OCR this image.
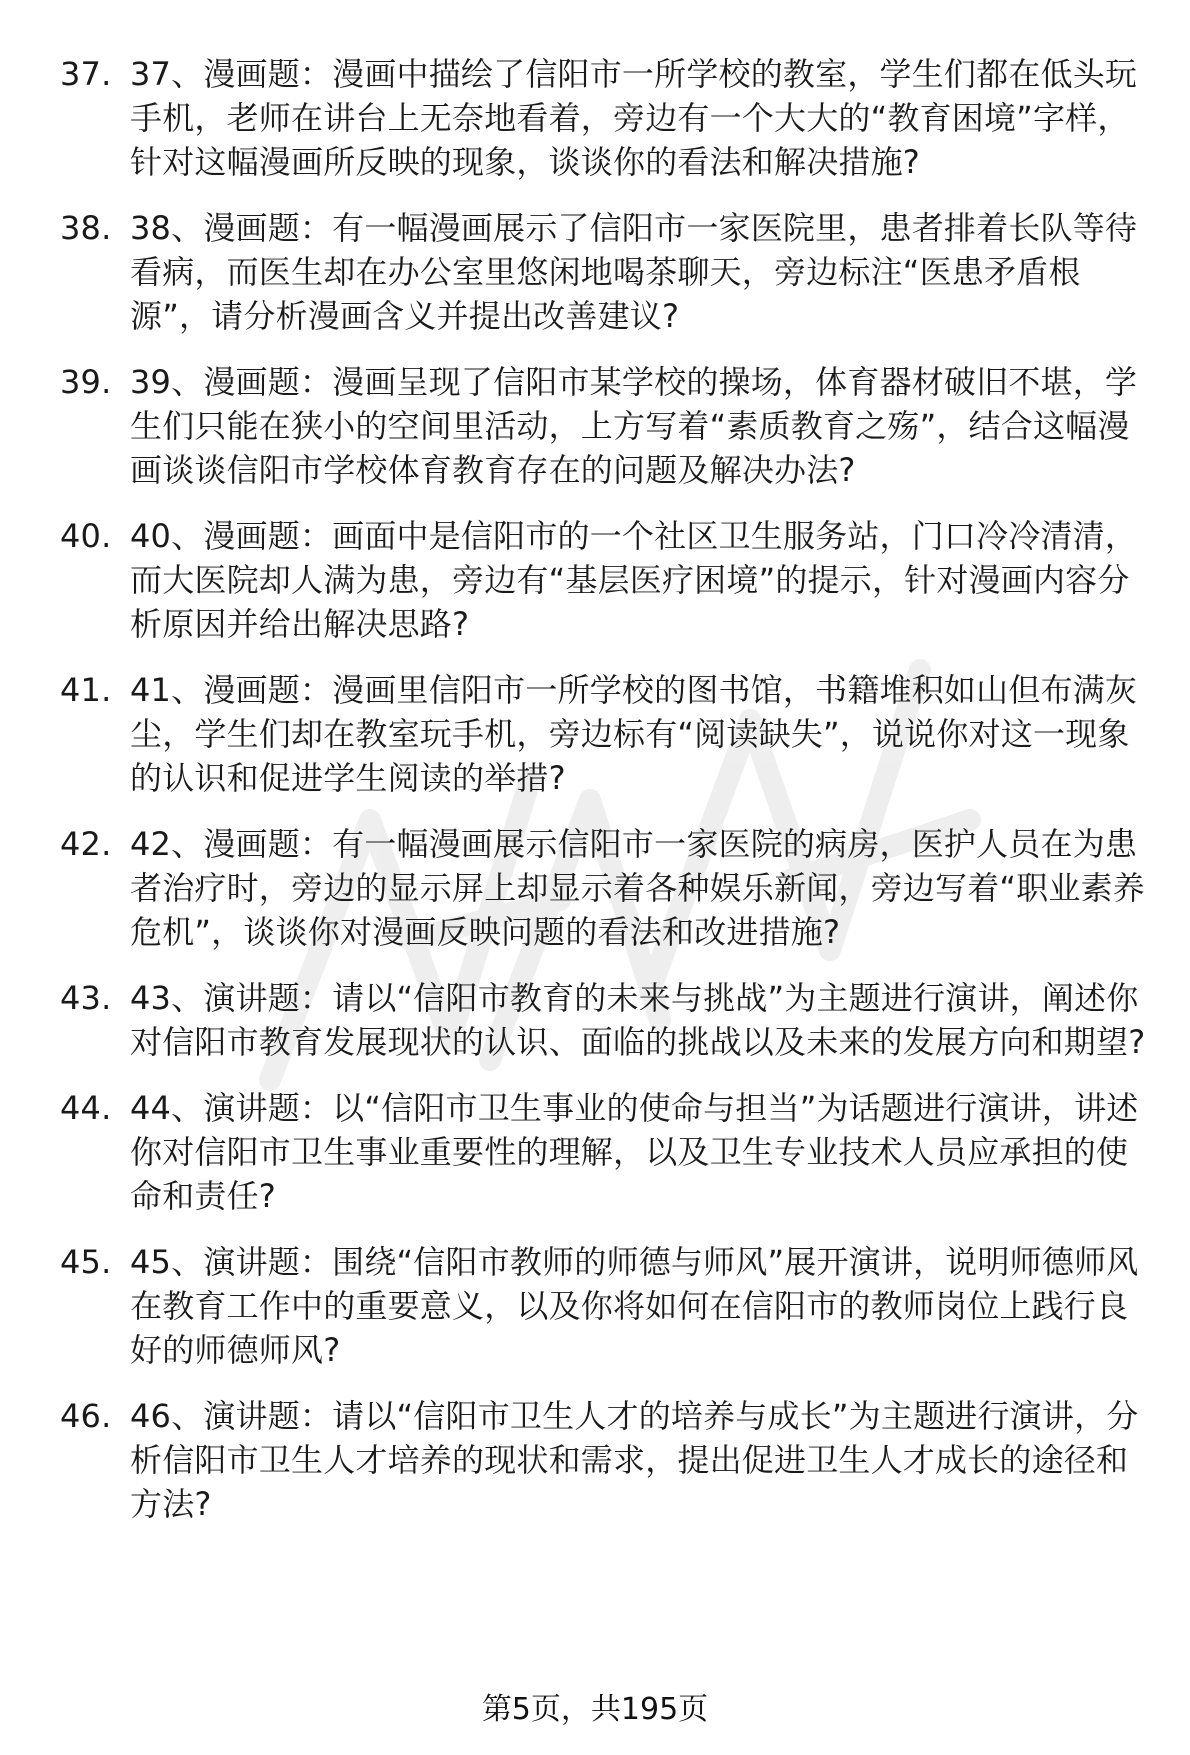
37. 37、漫画题：漫画中描绘了信阳市一所学校的教室，学生们都在低头玩手机，老师在讲台上无奈地看着，旁边有一个大大的“教育困境”字样，针对这幅漫画所反映的现象，谈谈你的看法和解决措施?
38. 38、漫画题：有一幅漫画展示了信阳市一家医院里，患者排着长队等待看病，而医生却在办公室里悠闲地喝茶聊天，旁边标注“医患矛盾根源”，请分析漫画含义并提出改善建议?
39. 39、漫画题：漫画呈现了信阳市某学校的操场，体育器材破旧不堪，学生们只能在狭小的空间里活动，上方写着“素质教育之殇”，结合这幅漫画谈谈信阳市学校体育教育存在的问题及解决办法?
40. 40、漫画题：画面中是信阳市的一个社区卫生服务站，门口冷冷清清，而大医院却人满为患，旁边有“基层医疗困境”的提示，针对漫画内容分析原因并给出解决思路?
41. 41、漫画题：漫画里信阳市一所学校的图书馆，书籍堆积如山但布满灰尘，学生们却在教室玩手机，旁边标有“阅读缺失”，说说你对这一现象的认识和促进学生阅读的举措?
42. 42、漫画题：有一幅漫画展示信阳市一家医院的病房，医护人员在为患者治疗时，旁边的显示屏上却显示着各种娱乐新闻，旁边写着“职业素养危机”，谈谈你对漫画反映问题的看法和改进措施?
43. 43、演讲题：请以“信阳市教育的未来与挑战”为主题进行演讲，阐述你对信阳市教育发展现状的认识、面临的挑战以及未来的发展方向和期望?
44. 44、演讲题：以“信阳市卫生事业的使命与担当”为话题进行演讲，讲述你对信阳市卫生事业重要性的理解，以及卫生专业技术人员应承担的使命和责任?
45. 45、演讲题：围绕“信阳市教师的师德与师风”展开演讲，说明师德师风在教育工作中的重要意义，以及你将如何在信阳市的教师岗位上践行良好的师德师风?
46. 46、演讲题：请以“信阳市卫生人才的培养与成长”为主题进行演讲，分析信阳市卫生人才培养的现状和需求，提出促进卫生人才成长的途径和方法?
第5页，共195页
